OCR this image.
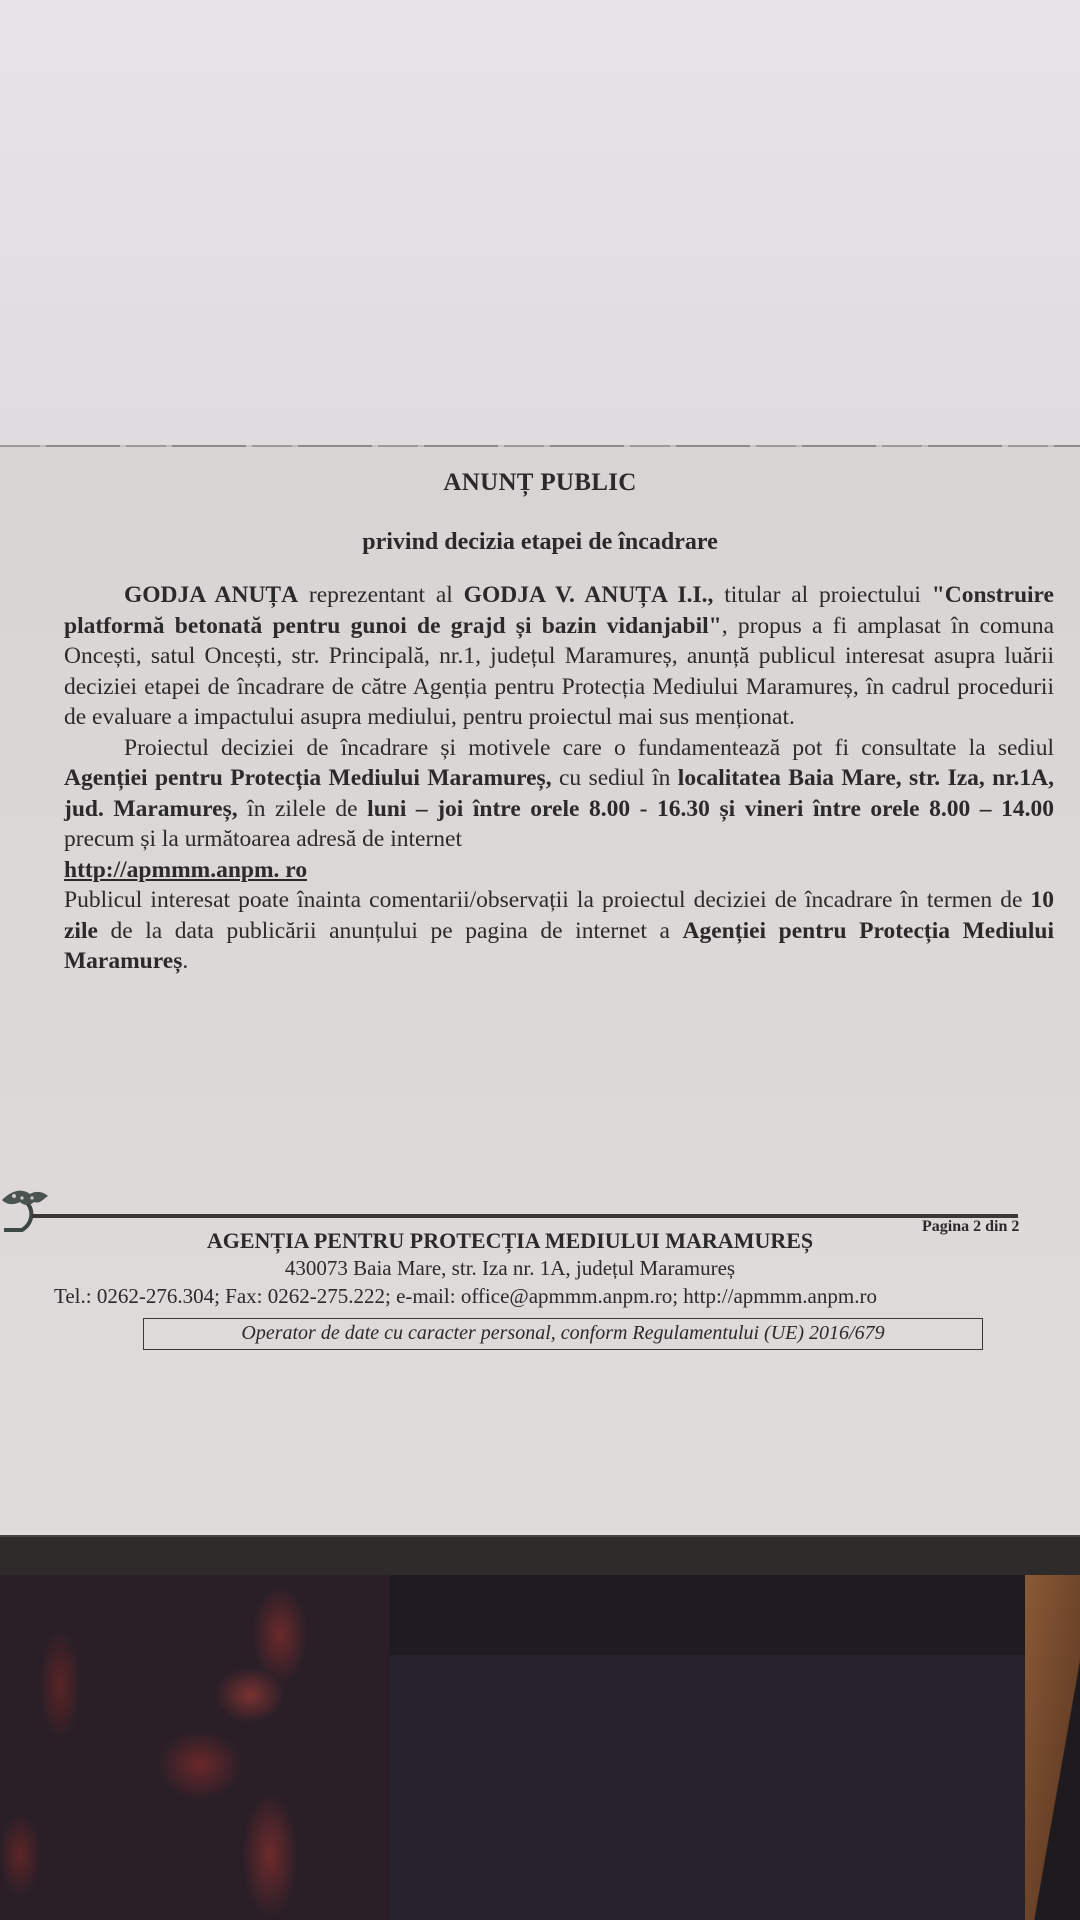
ANUNȚ PUBLIC
privind decizia etapei de încadrare

GODJA ANUȚA reprezentant al GODJA V. ANUȚA I.I., titular al proiectului "Construire platformă betonată pentru gunoi de grajd și bazin vidanjabil", propus a fi amplasat în comuna Oncești, satul Oncești, str. Principală, nr.1, județul Maramureș, anunță publicul interesat asupra luării deciziei etapei de încadrare de către Agenția pentru Protecția Mediului Maramureș, în cadrul procedurii de evaluare a impactului asupra mediului, pentru proiectul mai sus menționat.

Proiectul deciziei de încadrare și motivele care o fundamentează pot fi consultate la sediul Agenției pentru Protecția Mediului Maramureș, cu sediul în localitatea Baia Mare, str. Iza, nr.1A, jud. Maramureș, în zilele de luni – joi între orele 8.00 - 16.30 și vineri între orele 8.00 – 14.00 precum și la următoarea adresă de internet
http://apmmm.anpm. ro

Publicul interesat poate înainta comentarii/observații la proiectul deciziei de încadrare în termen de 10 zile de la data publicării anunțului pe pagina de internet a Agenției pentru Protecția Mediului Maramureș.

Pagina 2 din 2
AGENȚIA PENTRU PROTECȚIA MEDIULUI MARAMUREȘ
430073 Baia Mare, str. Iza nr. 1A, județul Maramureș
Tel.: 0262-276.304; Fax: 0262-275.222; e-mail: office@apmmm.anpm.ro; http://apmmm.anpm.ro
Operator de date cu caracter personal, conform Regulamentului (UE) 2016/679
